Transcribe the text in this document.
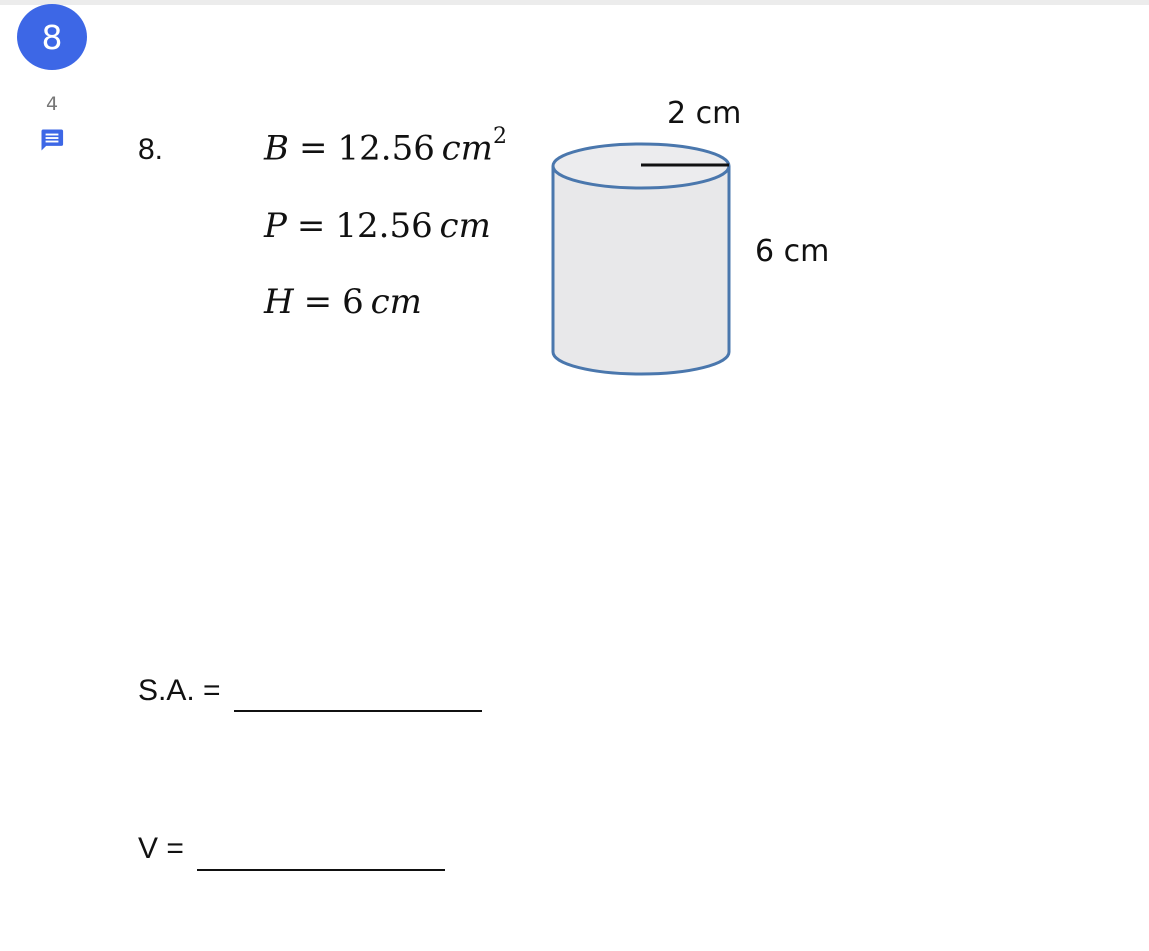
8
4
8.	B = 12.56  $cm^2$
P = 12.56  cm
H = 6  cm
2 cm
6 cm
S.A. =
V =
